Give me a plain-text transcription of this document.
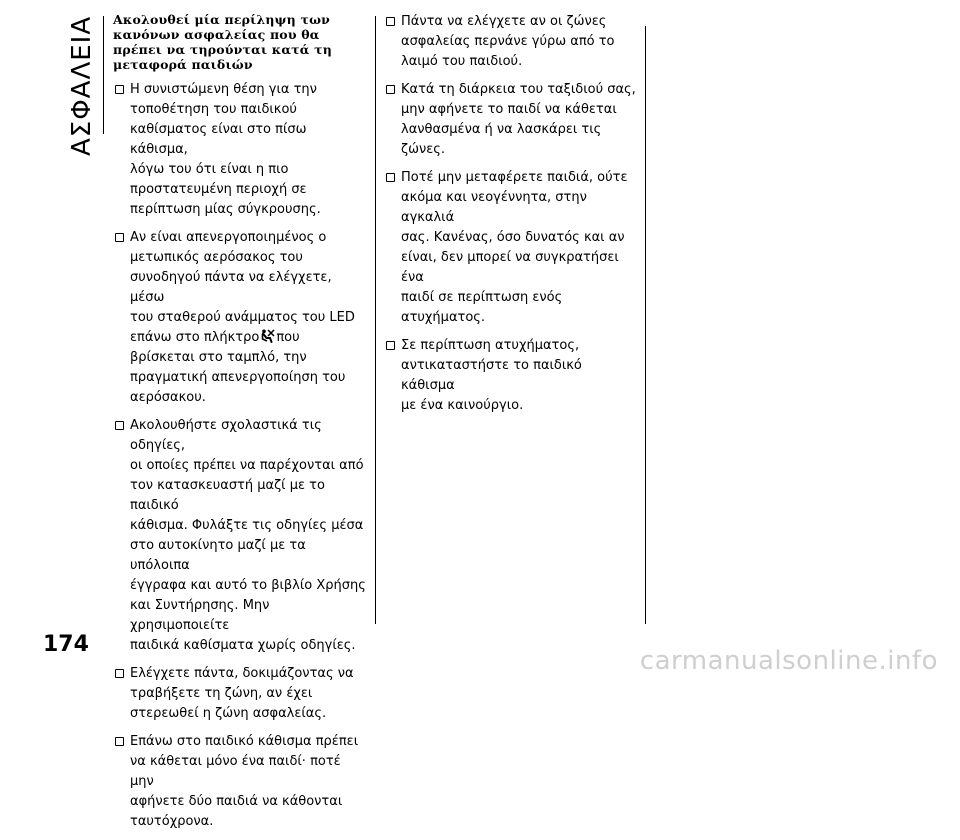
ΑΣΦΑΛΕΙΑ Ακολουθεί μία περίληψη των
κανόνων ασφαλείας που θα
πρέπει να τηρούνται κατά τη
μεταφορά παιδιών
Η συνιστώμενη θέση για την
τοποθέτηση του παιδικού
καθίσματος είναι στο πίσω κάθισμα,
λόγω του ότι είναι η πιο
προστατευμένη περιοχή σε
περίπτωση μίας σύγκρουσης.
Αν είναι απενεργοποιημένος ο
μετωπικός αερόσακος του
συνοδηγού πάντα να ελέγχετε, μέσω
του σταθερού ανάμματος του LED
επάνω στο πλήκτρο που
βρίσκεται στο ταμπλό, την
πραγματική απενεργοποίηση του
αερόσακου.
Ακολουθήστε σχολαστικά τις οδηγίες,
οι οποίες πρέπει να παρέχονται από
τον κατασκευαστή μαζί με το παιδικό
κάθισμα. Φυλάξτε τις οδηγίες μέσα
στο αυτοκίνητο μαζί με τα υπόλοιπα
έγγραφα και αυτό το βιβλίο Χρήσης
και Συντήρησης. Μην χρησιμοποιείτε
παιδικά καθίσματα χωρίς οδηγίες.
Ελέγχετε πάντα, δοκιμάζοντας να
τραβήξετε τη ζώνη, αν έχει
στερεωθεί η ζώνη ασφαλείας.
Επάνω στο παιδικό κάθισμα πρέπει
να κάθεται μόνο ένα παιδί· ποτέ μην
αφήνετε δύο παιδιά να κάθονται
ταυτόχρονα.
Πάντα να ελέγχετε αν οι ζώνες
ασφαλείας περνάνε γύρω από το
λαιμό του παιδιού.
Κατά τη διάρκεια του ταξιδιού σας,
μην αφήνετε το παιδί να κάθεται
λανθασμένα ή να λασκάρει τις ζώνες.
Ποτέ μην μεταφέρετε παιδιά, ούτε
ακόμα και νεογέννητα, στην αγκαλιά
σας. Κανένας, όσο δυνατός και αν
είναι, δεν μπορεί να συγκρατήσει ένα
παιδί σε περίπτωση ενός
ατυχήματος.
Σε περίπτωση ατυχήματος,
αντικαταστήστε το παιδικό κάθισμα
με ένα καινούργιο.
174
carmanualsonline.info
